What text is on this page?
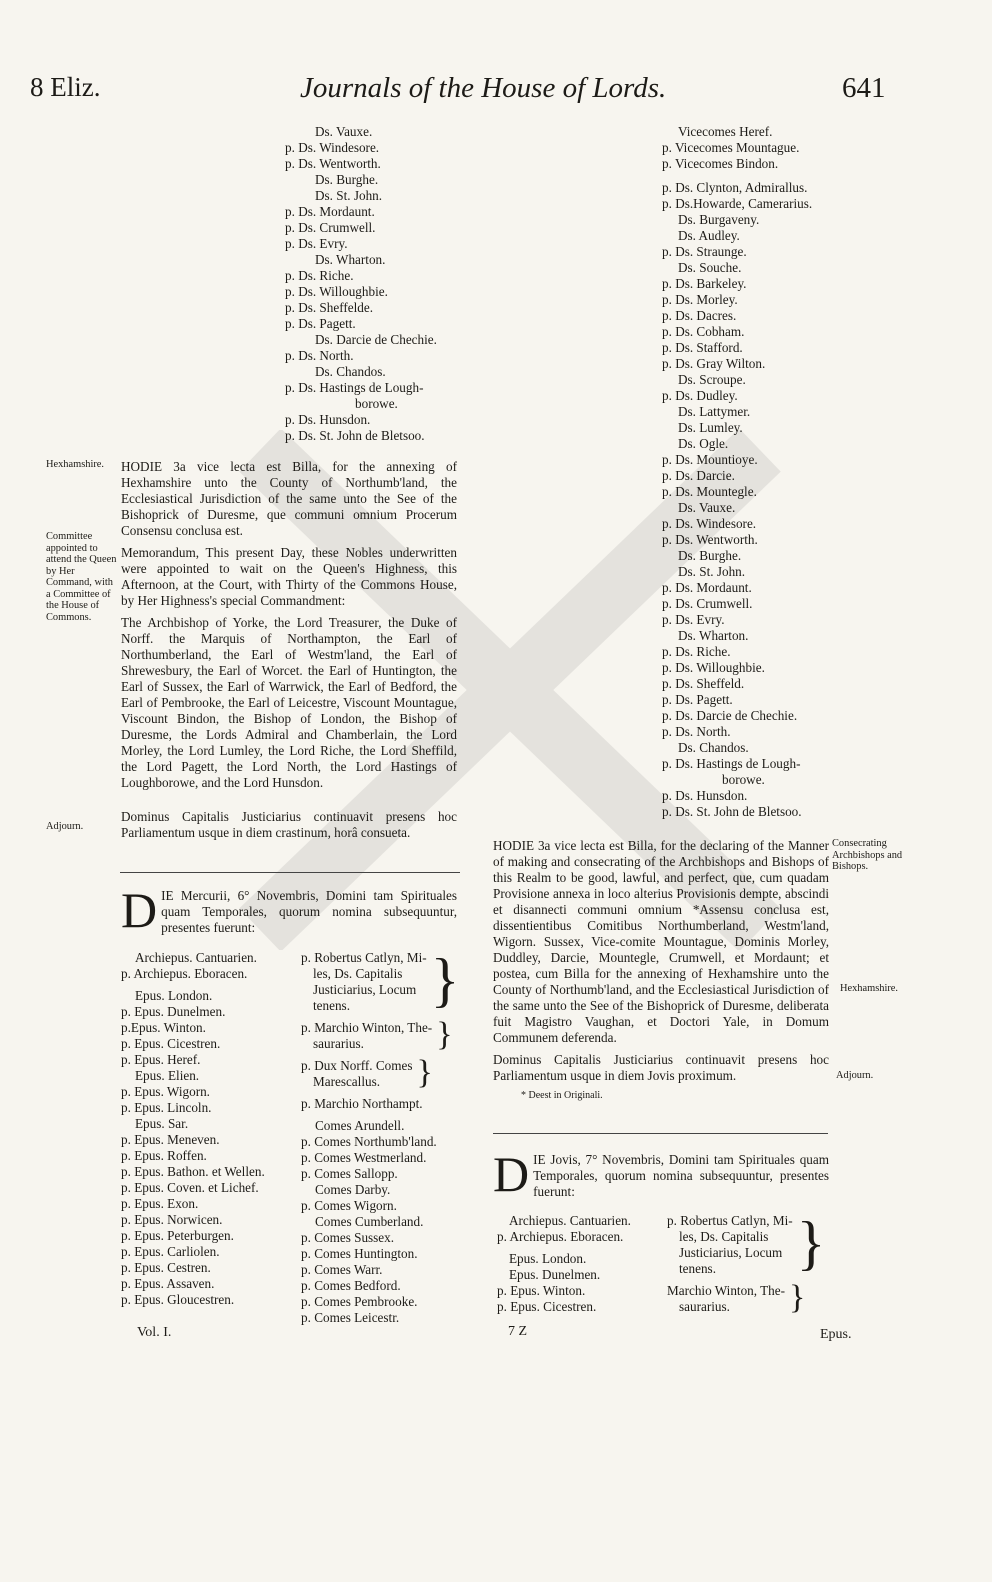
8 Eliz.	Journals of the House of Lords.	641
Ds. Vauxe.
p. Ds. Windesore.
p. Ds. Wentworth.
Ds. Burghe.
Ds. St. John.
p. Ds. Mordaunt.
p. Ds. Crumwell.
p. Ds. Evry.
Ds. Wharton.
p. Ds. Riche.
p. Ds. Willoughbie.
p. Ds. Sheffelde.
p. Ds. Pagett.
Ds. Darcie de Chechie.
p. Ds. North.
Ds. Chandos.
p. Ds. Hastings de Lough-
borowe.
p. Ds. Hunsdon.
p. Ds. St. John de Bletsoo.
Hexhamshire.
Committee appointed to attend the Queen by Her Command, with a Committee of the House of Commons.
Adjourn.

HODIE 3a vice lecta est Billa, for the annexing of Hexhamshire unto the County of Northumb'land, the Ecclesiastical Jurisdiction of the same unto the See of the Bishoprick of Duresme, que communi omnium Procerum Consensu conclusa est.

Memorandum, This present Day, these Nobles underwritten were appointed to wait on the Queen's Highness, this Afternoon, at the Court, with Thirty of the Commons House, by Her Highness's special Commandment:

The Archbishop of Yorke, the Lord Treasurer, the Duke of Norff. the Marquis of Northampton, the Earl of Northumberland, the Earl of Westm'land, the Earl of Shrewesbury, the Earl of Worcet. the Earl of Huntington, the Earl of Sussex, the Earl of Warrwick, the Earl of Bedford, the Earl of Pembrooke, the Earl of Leicestre, Viscount Mountague, Viscount Bindon, the Bishop of London, the Bishop of Duresme, the Lords Admiral and Chamberlain, the Lord Morley, the Lord Lumley, the Lord Riche, the Lord Sheffild, the Lord Pagett, the Lord North, the Lord Hastings of Loughborowe, and the Lord Hunsdon.

Dominus Capitalis Justiciarius continuavit presens hoc Parliamentum usque in diem crastinum, horâ consueta.

D IE Mercurii, 6° Novembris, Domini tam Spirituales quam Temporales, quorum nomina subsequuntur, presentes fuerunt:

Archiepus. Cantuarien.
p. Archiepus. Eboracen.
Epus. London.
p. Epus. Dunelmen.
p.Epus. Winton.
p. Epus. Cicestren.
p. Epus. Heref.
Epus. Elien.
p. Epus. Wigorn.
p. Epus. Lincoln.
Epus. Sar.
p. Epus. Meneven.
p. Epus. Roffen.
p. Epus. Bathon. et Wellen.
p. Epus. Coven. et Lichef.
p. Epus. Exon.
p. Epus. Norwicen.
p. Epus. Peterburgen.
p. Epus. Carliolen.
p. Epus. Cestren.
p. Epus. Assaven.
p. Epus. Gloucestren.
p. Robertus Catlyn, Mi-
les, Ds. Capitalis
Justiciarius, Locum
tenens.	}
p. Marchio Winton, The-
saurarius.	}
p. Dux Norff. Comes
Marescallus.	}
p. Marchio Northampt.
Comes Arundell.
p. Comes Northumb'land.
p. Comes Westmerland.
p. Comes Sallopp.
Comes Darby.
p. Comes Wigorn.
Comes Cumberland.
p. Comes Sussex.
p. Comes Huntington.
p. Comes Warr.
p. Comes Bedford.
p. Comes Pembrooke.
p. Comes Leicestr.
Vol. I.
Vicecomes Heref.
p. Vicecomes Mountague.
p. Vicecomes Bindon.
p. Ds. Clynton, Admirallus.
p. Ds.Howarde, Camerarius.
Ds. Burgaveny.
Ds. Audley.
p. Ds. Straunge.
Ds. Souche.
p. Ds. Barkeley.
p. Ds. Morley.
p. Ds. Dacres.
p. Ds. Cobham.
p. Ds. Stafford.
p. Ds. Gray Wilton.
Ds. Scroupe.
p. Ds. Dudley.
Ds. Lattymer.
Ds. Lumley.
Ds. Ogle.
p. Ds. Mountioye.
p. Ds. Darcie.
p. Ds. Mountegle.
Ds. Vauxe.
p. Ds. Windesore.
p. Ds. Wentworth.
Ds. Burghe.
Ds. St. John.
p. Ds. Mordaunt.
p. Ds. Crumwell.
p. Ds. Evry.
Ds. Wharton.
p. Ds. Riche.
p. Ds. Willoughbie.
p. Ds. Sheffeld.
p. Ds. Pagett.
p. Ds. Darcie de Chechie.
p. Ds. North.
Ds. Chandos.
p. Ds. Hastings de Lough-
borowe.
p. Ds. Hunsdon.
p. Ds. St. John de Bletsoo.
Consecrating Archbishops and Bishops.
Hexhamshire.
Adjourn.

HODIE 3a vice lecta est Billa, for the declaring of the Manner of making and consecrating of the Archbishops and Bishops of this Realm to be good, lawful, and perfect, que, cum quadam Provisione annexa in loco alterius Provisionis dempte, abscindi et disannecti communi omnium *Assensu conclusa est, dissentientibus Comitibus Northumberland, Westm'land, Wigorn. Sussex, Vice-comite Mountague, Dominis Morley, Duddley, Darcie, Mountegle, Crumwell, et Mordaunt; et postea, cum Billa for the annexing of Hexhamshire unto the County of Northumb'land, and the Ecclesiastical Jurisdiction of the same unto the See of the Bishoprick of Duresme, deliberata fuit Magistro Vaughan, et Doctori Yale, in Domum Communem deferenda.

Dominus Capitalis Justiciarius continuavit presens hoc Parliamentum usque in diem Jovis proximum.

* Deest in Originali.

D IE Jovis, 7° Novembris, Domini tam Spirituales quam Temporales, quorum nomina subsequuntur, presentes fuerunt:

Archiepus. Cantuarien.
p. Archiepus. Eboracen.
Epus. London.
Epus. Dunelmen.
p. Epus. Winton.
p. Epus. Cicestren.
p. Robertus Catlyn, Mi-
les, Ds. Capitalis
Justiciarius, Locum
tenens.	}
Marchio Winton, The-
saurarius.	}
7 Z	Epus.
